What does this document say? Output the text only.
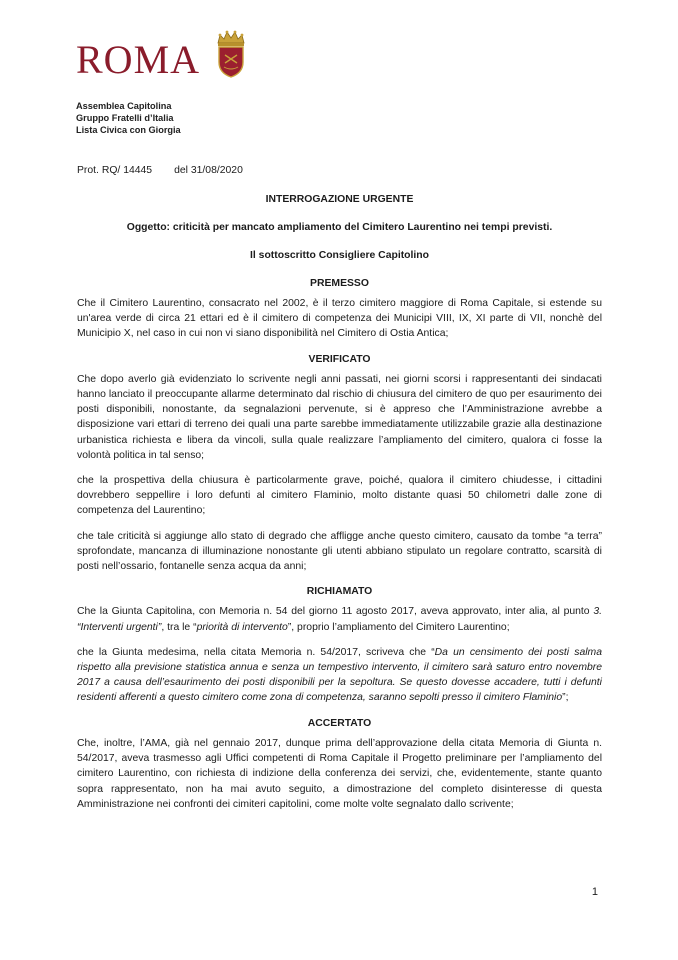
ROMA
Assemblea Capitolina
Gruppo Fratelli d’Italia
Lista Civica con Giorgia
Prot. RQ/ 14445 del 31/08/2020
INTERROGAZIONE URGENTE
Oggetto: criticità per mancato ampliamento del Cimitero Laurentino nei tempi previsti.
Il sottoscritto Consigliere Capitolino
PREMESSO

Che il Cimitero Laurentino, consacrato nel 2002, è il terzo cimitero maggiore di Roma Capitale, si estende su un'area verde di circa 21 ettari ed è il cimitero di competenza dei Municipi VIII, IX, XI parte di VII, nonchè del Municipio X, nel caso in cui non vi siano disponibilità nel Cimitero di Ostia Antica;

VERIFICATO

Che dopo averlo già evidenziato lo scrivente negli anni passati, nei giorni scorsi i rappresentanti dei sindacati hanno lanciato il preoccupante allarme determinato dal rischio di chiusura del cimitero de quo per esaurimento dei posti disponibili, nonostante, da segnalazioni pervenute, si è appreso che l’Amministrazione avrebbe a disposizione vari ettari di terreno dei quali una parte sarebbe immediatamente utilizzabile grazie alla destinazione urbanistica richiesta e libera da vincoli, sulla quale realizzare l’ampliamento del cimitero, qualora ci fosse la volontà politica in tal senso;

che la prospettiva della chiusura è particolarmente grave, poiché, qualora il cimitero chiudesse, i cittadini dovrebbero seppellire i loro defunti al cimitero Flaminio, molto distante quasi 50 chilometri dalle zone di competenza del Laurentino;

che tale criticità si aggiunge allo stato di degrado che affligge anche questo cimitero, causato da tombe “a terra” sprofondate, mancanza di illuminazione nonostante gli utenti abbiano stipulato un regolare contratto, scarsità di posti nell’ossario, fontanelle senza acqua da anni;

RICHIAMATO

Che la Giunta Capitolina, con Memoria n. 54 del giorno 11 agosto 2017, aveva approvato, inter alia, al punto 3. “Interventi urgenti”, tra le “priorità di intervento”, proprio l’ampliamento del Cimitero Laurentino;

che la Giunta medesima, nella citata Memoria n. 54/2017, scriveva che “Da un censimento dei posti salma rispetto alla previsione statistica annua e senza un tempestivo intervento, il cimitero sarà saturo entro novembre 2017 a causa dell’esaurimento dei posti disponibili per la sepoltura. Se questo dovesse accadere, tutti i defunti residenti afferenti a questo cimitero come zona di competenza, saranno sepolti presso il cimitero Flaminio”;

ACCERTATO

Che, inoltre, l’AMA, già nel gennaio 2017, dunque prima dell’approvazione della citata Memoria di Giunta n. 54/2017, aveva trasmesso agli Uffici competenti di Roma Capitale il Progetto preliminare per l’ampliamento del cimitero Laurentino, con richiesta di indizione della conferenza dei servizi, che, evidentemente, stante quanto sopra rappresentato, non ha mai avuto seguito, a dimostrazione del completo disinteresse di questa Amministrazione nei confronti dei cimiteri capitolini, come molte volte segnalato dallo scrivente;

1
